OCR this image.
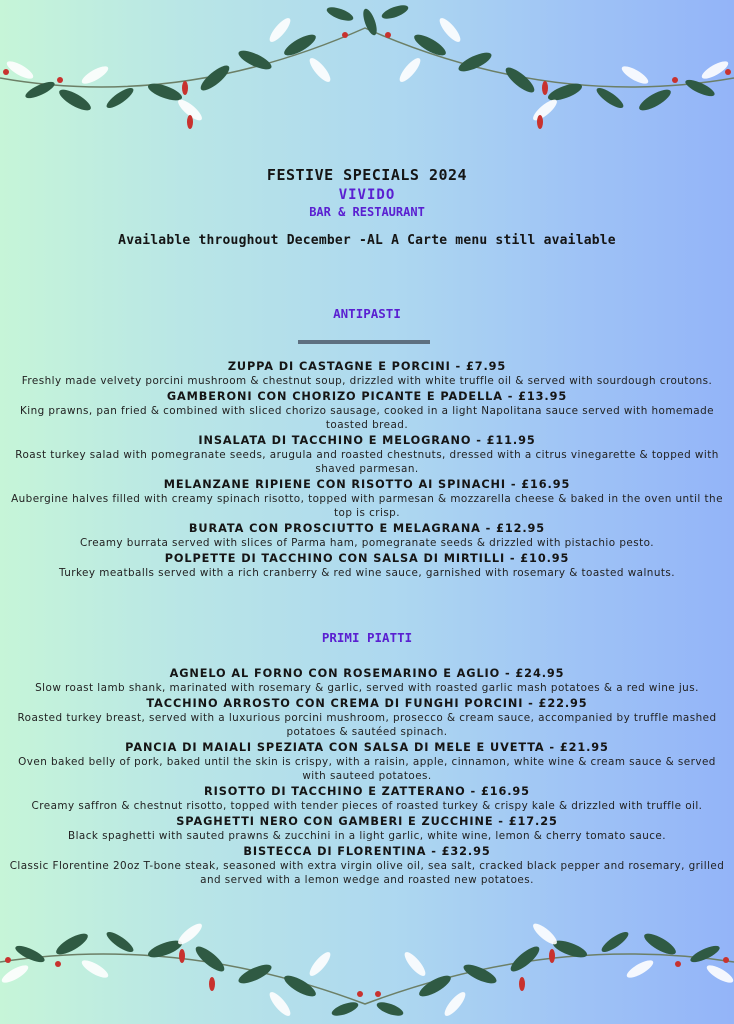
FESTIVE SPECIALS 2024
VIVIDO
BAR & RESTAURANT
Available throughout December -AL A Carte menu still available
ANTIPASTI
ZUPPA DI CASTAGNE E PORCINI - £7.95
Freshly made velvety porcini mushroom & chestnut soup, drizzled with white truffle oil & served with sourdough croutons.
GAMBERONI CON CHORIZO PICANTE E PADELLA - £13.95
King prawns, pan fried & combined with sliced chorizo sausage, cooked in a light Napolitana sauce served with homemade toasted bread.
INSALATA DI TACCHINO E MELOGRANO - £11.95
Roast turkey salad with pomegranate seeds, arugula and roasted chestnuts, dressed with a citrus vinegarette & topped with shaved parmesan.
MELANZANE RIPIENE CON RISOTTO AI SPINACHI - £16.95
Aubergine halves filled with creamy spinach risotto, topped with parmesan & mozzarella cheese & baked in the oven until the top is crisp.
BURATA CON PROSCIUTTO E MELAGRANA - £12.95
Creamy burrata served with slices of Parma ham, pomegranate seeds & drizzled with pistachio pesto.
POLPETTE DI TACCHINO CON SALSA DI MIRTILLI - £10.95
Turkey meatballs served with a rich cranberry & red wine sauce, garnished with rosemary & toasted walnuts.
PRIMI PIATTI
AGNELO AL FORNO CON ROSEMARINO E AGLIO - £24.95
Slow roast lamb shank, marinated with rosemary & garlic, served with roasted garlic mash potatoes & a red wine jus.
TACCHINO ARROSTO CON CREMA DI FUNGHI PORCINI - £22.95
Roasted turkey breast, served with a luxurious porcini mushroom, prosecco & cream sauce, accompanied by truffle mashed potatoes & sautéed spinach.
PANCIA DI MAIALI SPEZIATA CON SALSA DI MELE E UVETTA - £21.95
Oven baked belly of pork, baked until the skin is crispy, with a raisin, apple, cinnamon, white wine & cream sauce & served with sauteed potatoes.
RISOTTO DI TACCHINO E ZATTERANO - £16.95
Creamy saffron & chestnut risotto, topped with tender pieces of roasted turkey & crispy kale & drizzled with truffle oil.
SPAGHETTI NERO CON GAMBERI E ZUCCHINE - £17.25
Black spaghetti with sauted prawns & zucchini in a light garlic, white wine, lemon & cherry tomato sauce.
BISTECCA DI FLORENTINA - £32.95
Classic Florentine 20oz T-bone steak, seasoned with extra virgin olive oil, sea salt, cracked black pepper and rosemary, grilled and served with a lemon wedge and roasted new potatoes.
